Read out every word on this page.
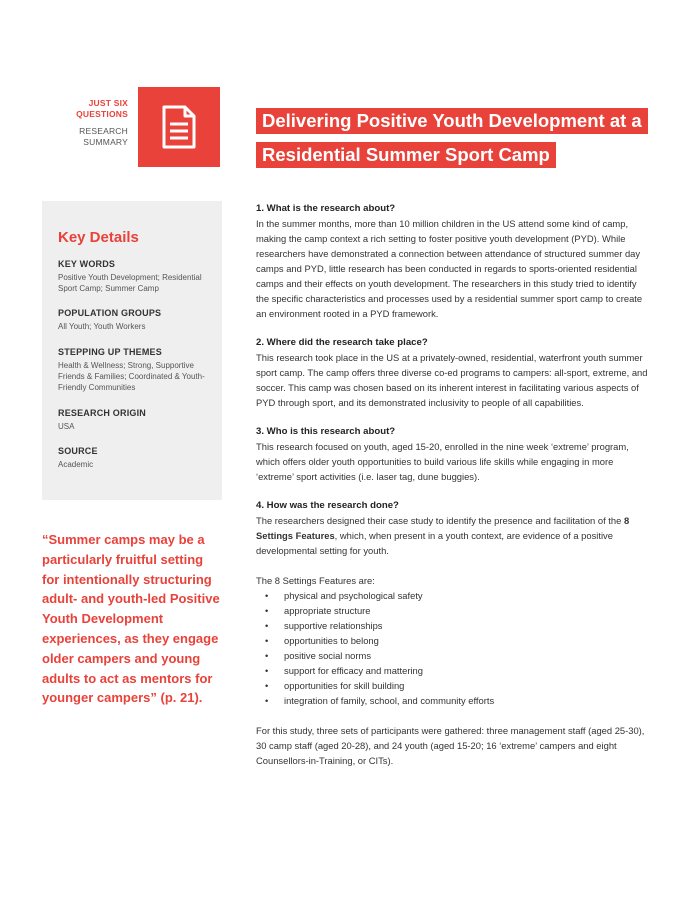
JUST SIX
QUESTIONS
RESEARCH
SUMMARY
Delivering Positive Youth Development at a
Residential Summer Sport Camp
Key Details
KEY WORDS
Positive Youth Development; Residential Sport Camp; Summer Camp
POPULATION GROUPS
All Youth; Youth Workers
STEPPING UP THEMES
Health & Wellness; Strong, Supportive Friends & Families; Coordinated & Youth-Friendly Communities
RESEARCH ORIGIN
USA
SOURCE
Academic
“Summer camps may be a particularly fruitful setting for intentionally structuring adult- and youth-led Positive Youth Development experiences, as they engage older campers and young adults to act as mentors for younger campers” (p. 21).
1. What is the research about?

In the summer months, more than 10 million children in the US attend some kind of camp, making the camp context a rich setting to foster positive youth development (PYD). While researchers have demonstrated a connection between attendance of structured summer day camps and PYD, little research has been conducted in regards to sports-oriented residential camps and their effects on youth development. The researchers in this study tried to identify the specific characteristics and processes used by a residential summer sport camp to create an environment rooted in a PYD framework.

2. Where did the research take place?

This research took place in the US at a privately-owned, residential, waterfront youth summer sport camp. The camp offers three diverse co-ed programs to campers: all-sport, extreme, and soccer. This camp was chosen based on its inherent interest in facilitating various aspects of PYD through sport, and its demonstrated inclusivity to people of all capabilities.

3. Who is this research about?

This research focused on youth, aged 15-20, enrolled in the nine week ‘extreme’ program, which offers older youth opportunities to build various life skills while engaging in more ‘extreme’ sport activities (i.e. laser tag, dune buggies).

4. How was the research done?

The researchers designed their case study to identify the presence and facilitation of the 8 Settings Features, which, when present in a youth context, are evidence of a positive developmental setting for youth.

The 8 Settings Features are:
• physical and psychological safety
• appropriate structure
• supportive relationships
• opportunities to belong
• positive social norms
• support for efficacy and mattering
• opportunities for skill building
• integration of family, school, and community efforts

For this study, three sets of participants were gathered: three management staff (aged 25-30), 30 camp staff (aged 20-28), and 24 youth (aged 15-20; 16 ‘extreme’ campers and eight Counsellors-in-Training, or CITs).
